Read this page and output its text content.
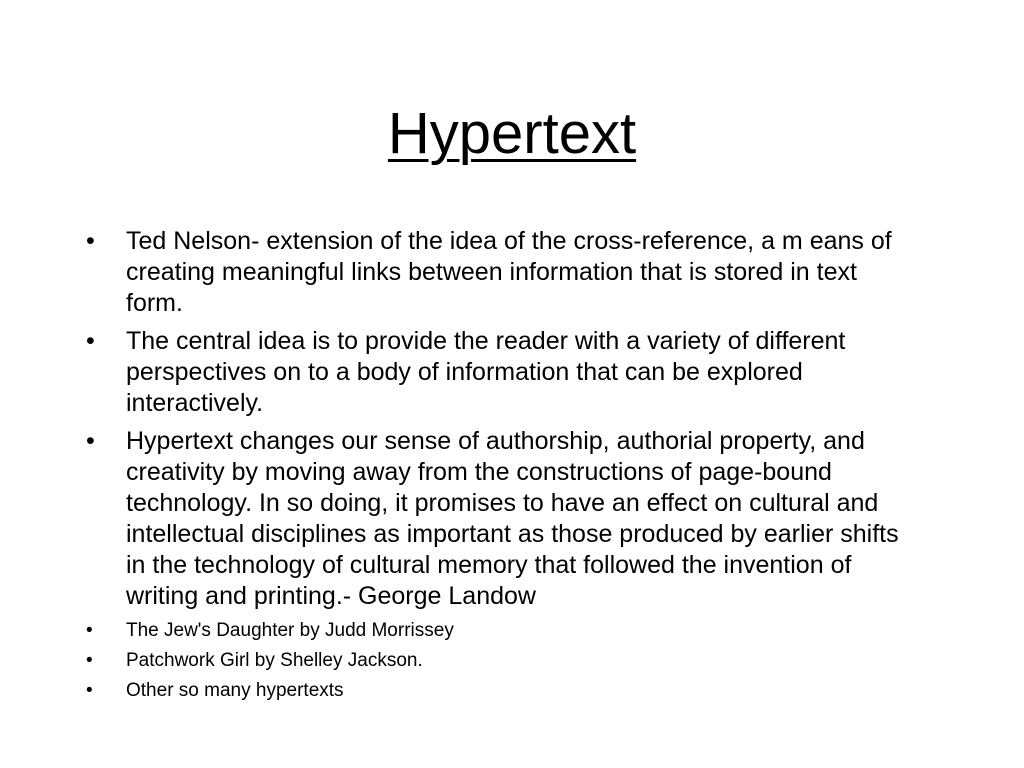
Hypertext
• Ted Nelson- extension of the idea of the cross-reference, a m eans of creating meaningful links between information that is stored in text form.
• The central idea is to provide the reader with a variety of different perspectives on to a body of information that can be explored interactively.
• Hypertext changes our sense of authorship, authorial property, and creativity by moving away from the constructions of page-bound technology. In so doing, it promises to have an effect on cultural and intellectual disciplines as important as those produced by earlier shifts in the technology of cultural memory that followed the invention of writing and printing.- George Landow
• The Jew's Daughter by Judd Morrissey
• Patchwork Girl by Shelley Jackson.
• Other so many hypertexts
